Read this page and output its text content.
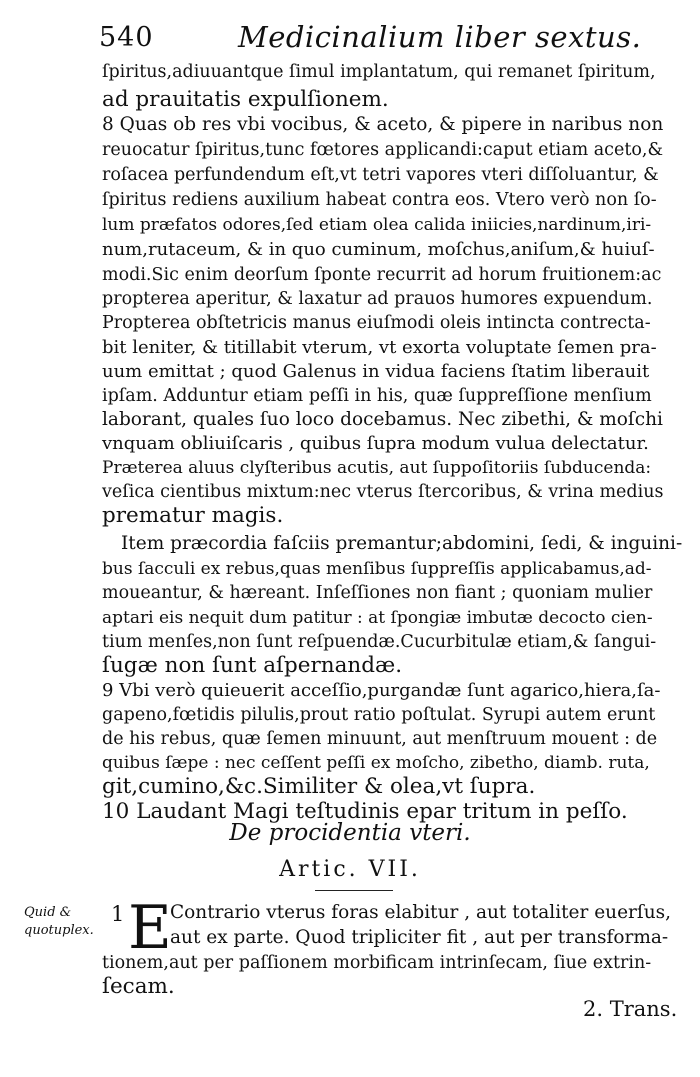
540	Medicinalium liber sextus.
ſpiritus,adiuuantque ſimul implantatum, qui remanet ſpiritum,
ad prauitatis expulſionem.
8 Quas ob res vbi vocibus, & aceto, & pipere in naribus non
reuocatur ſpiritus,tunc fœtores applicandi:caput etiam aceto,&
roſacea perfundendum eſt,vt tetri vapores vteri diſſoluantur, &
ſpiritus rediens auxilium habeat contra eos. Vtero verò non ſo-
lum præfatos odores,ſed etiam olea calida iniicies,nardinum,iri-
num,rutaceum, & in quo cuminum, moſchus,aniſum,& huiuſ-
modi.Sic enim deorſum ſponte recurrit ad horum fruitionem:ac
propterea aperitur, & laxatur ad prauos humores expuendum.
Propterea obſtetricis manus eiuſmodi oleis intincta contrecta-
bit leniter, & titillabit vterum, vt exorta voluptate ſemen pra-
uum emittat ; quod Galenus in vidua faciens ſtatim liberauit
ipſam. Adduntur etiam peſſi in his, quæ ſuppreſſione menſium
laborant, quales ſuo loco docebamus. Nec zibethi, & moſchi
vnquam obliuiſcaris , quibus ſupra modum vulua delectatur.
Præterea aluus clyſteribus acutis, aut ſuppoſitoriis ſubducenda:
veſica cientibus mixtum:nec vterus ſtercoribus, & vrina medius
prematur magis.
Item præcordia faſciis premantur;abdomini, ſedi, & inguini-
bus ſacculi ex rebus,quas menſibus ſuppreſſis applicabamus,ad-
moueantur, & hæreant. Inſeſſiones non fiant ; quoniam mulier
aptari eis nequit dum patitur : at ſpongiæ imbutæ decocto cien-
tium menſes,non ſunt reſpuendæ.Cucurbitulæ etiam,& ſangui-
ſugæ non ſunt aſpernandæ.
9 Vbi verò quieuerit acceſſio,purgandæ ſunt agarico,hiera,ſa-
gapeno,fœtidis pilulis,prout ratio poſtulat. Syrupi autem erunt
de his rebus, quæ ſemen minuunt, aut menſtruum mouent : de
quibus ſæpe : nec ceſſent peſſi ex moſcho, zibetho, diamb. ruta,
git,cumino,&c.Similiter & olea,vt ſupra.
10 Laudant Magi teſtudinis epar tritum in peſſo.
De procidentia vteri.
Artic. VII.
Quid &
quotuplex.
1 E
Contrario vterus foras elabitur , aut totaliter euerſus,
aut ex parte. Quod tripliciter fit , aut per transforma-
tionem,aut per paſſionem morbificam intrinſecam, ſiue extrin-
ſecam.
2. Trans.
